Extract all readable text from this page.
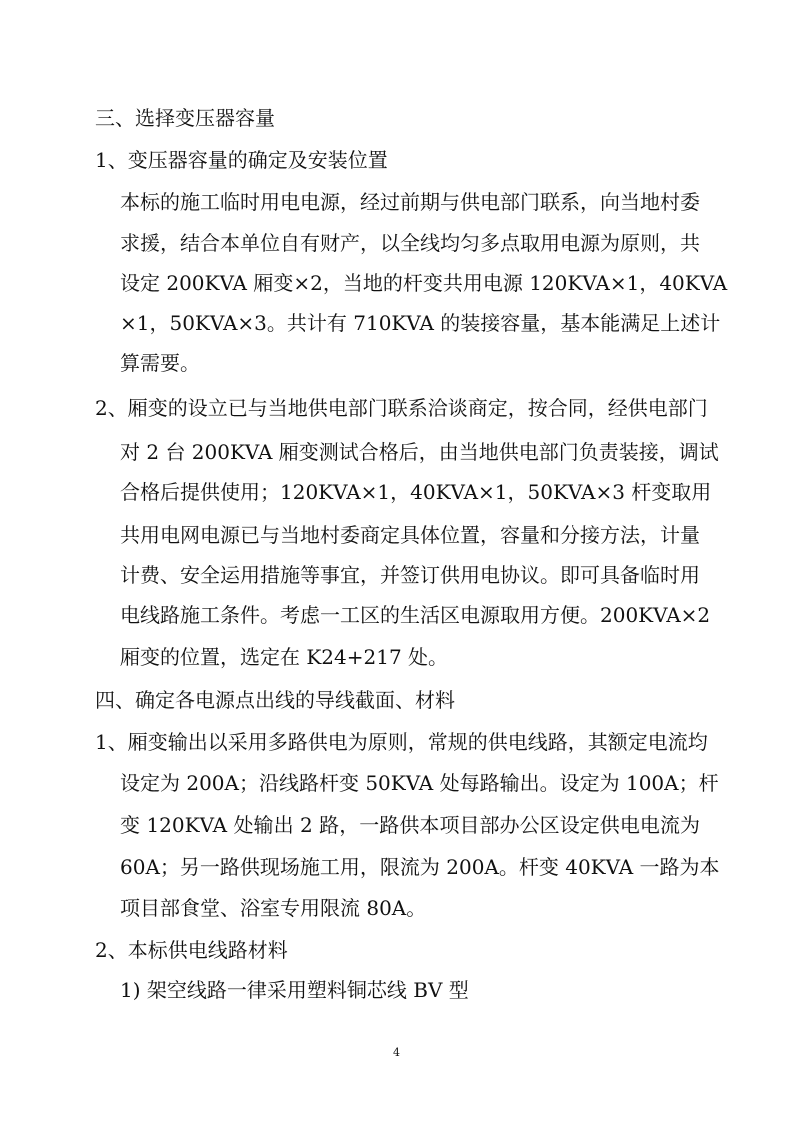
三、选择变压器容量
1、变压器容量的确定及安装位置
本标的施工临时用电电源，经过前期与供电部门联系，向当地村委
求援，结合本单位自有财产，以全线均匀多点取用电源为原则，共
设定 200KVA 厢变×2，当地的杆变共用电源 120KVA×1，40KVA
×1，50KVA×3。共计有 710KVA 的装接容量，基本能满足上述计
算需要。
2、厢变的设立已与当地供电部门联系洽谈商定，按合同，经供电部门
对 2 台 200KVA 厢变测试合格后，由当地供电部门负责装接，调试
合格后提供使用；120KVA×1，40KVA×1，50KVA×3 杆变取用
共用电网电源已与当地村委商定具体位置，容量和分接方法，计量
计费、安全运用措施等事宜，并签订供用电协议。即可具备临时用
电线路施工条件。考虑一工区的生活区电源取用方便。200KVA×2
厢变的位置，选定在 K24+217 处。
四、确定各电源点出线的导线截面、材料
1、厢变输出以采用多路供电为原则，常规的供电线路，其额定电流均
设定为 200A；沿线路杆变 50KVA 处每路输出。设定为 100A；杆
变 120KVA 处输出 2 路，一路供本项目部办公区设定供电电流为
60A；另一路供现场施工用，限流为 200A。杆变 40KVA 一路为本
项目部食堂、浴室专用限流 80A。
2、本标供电线路材料
1) 架空线路一律采用塑料铜芯线 BV 型
4
